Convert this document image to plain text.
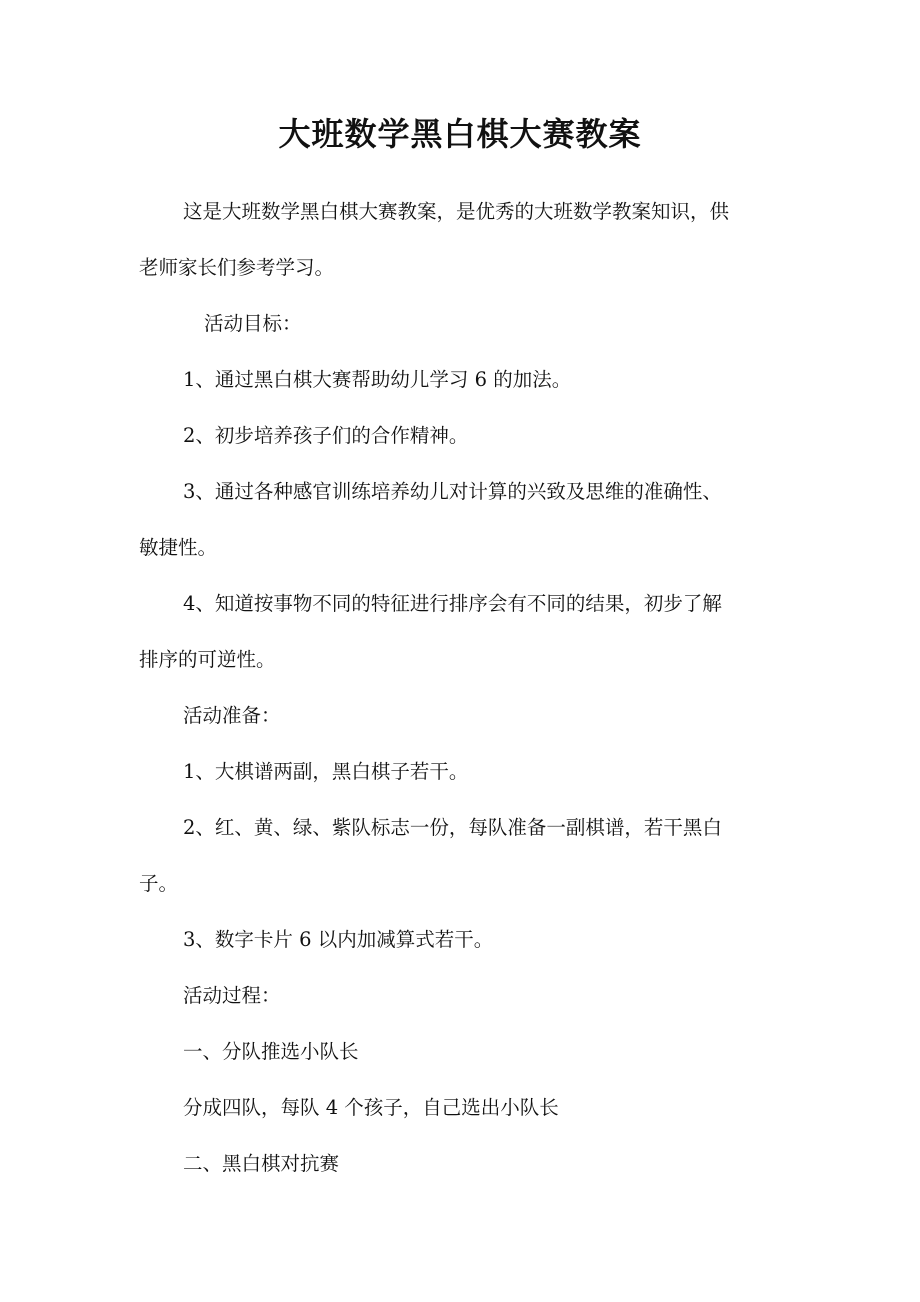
大班数学黑白棋大赛教案

这是大班数学黑白棋大赛教案，是优秀的大班数学教案知识，供

老师家长们参考学习。

活动目标：

1、通过黑白棋大赛帮助幼儿学习 6 的加法。

2、初步培养孩子们的合作精神。

3、通过各种感官训练培养幼儿对计算的兴致及思维的准确性、

敏捷性。

4、知道按事物不同的特征进行排序会有不同的结果，初步了解

排序的可逆性。

活动准备：

1、大棋谱两副，黑白棋子若干。

2、红、黄、绿、紫队标志一份，每队准备一副棋谱，若干黑白

子。

3、数字卡片 6 以内加减算式若干。

活动过程：

一、分队推选小队长

分成四队，每队 4 个孩子，自己选出小队长

二、黑白棋对抗赛
